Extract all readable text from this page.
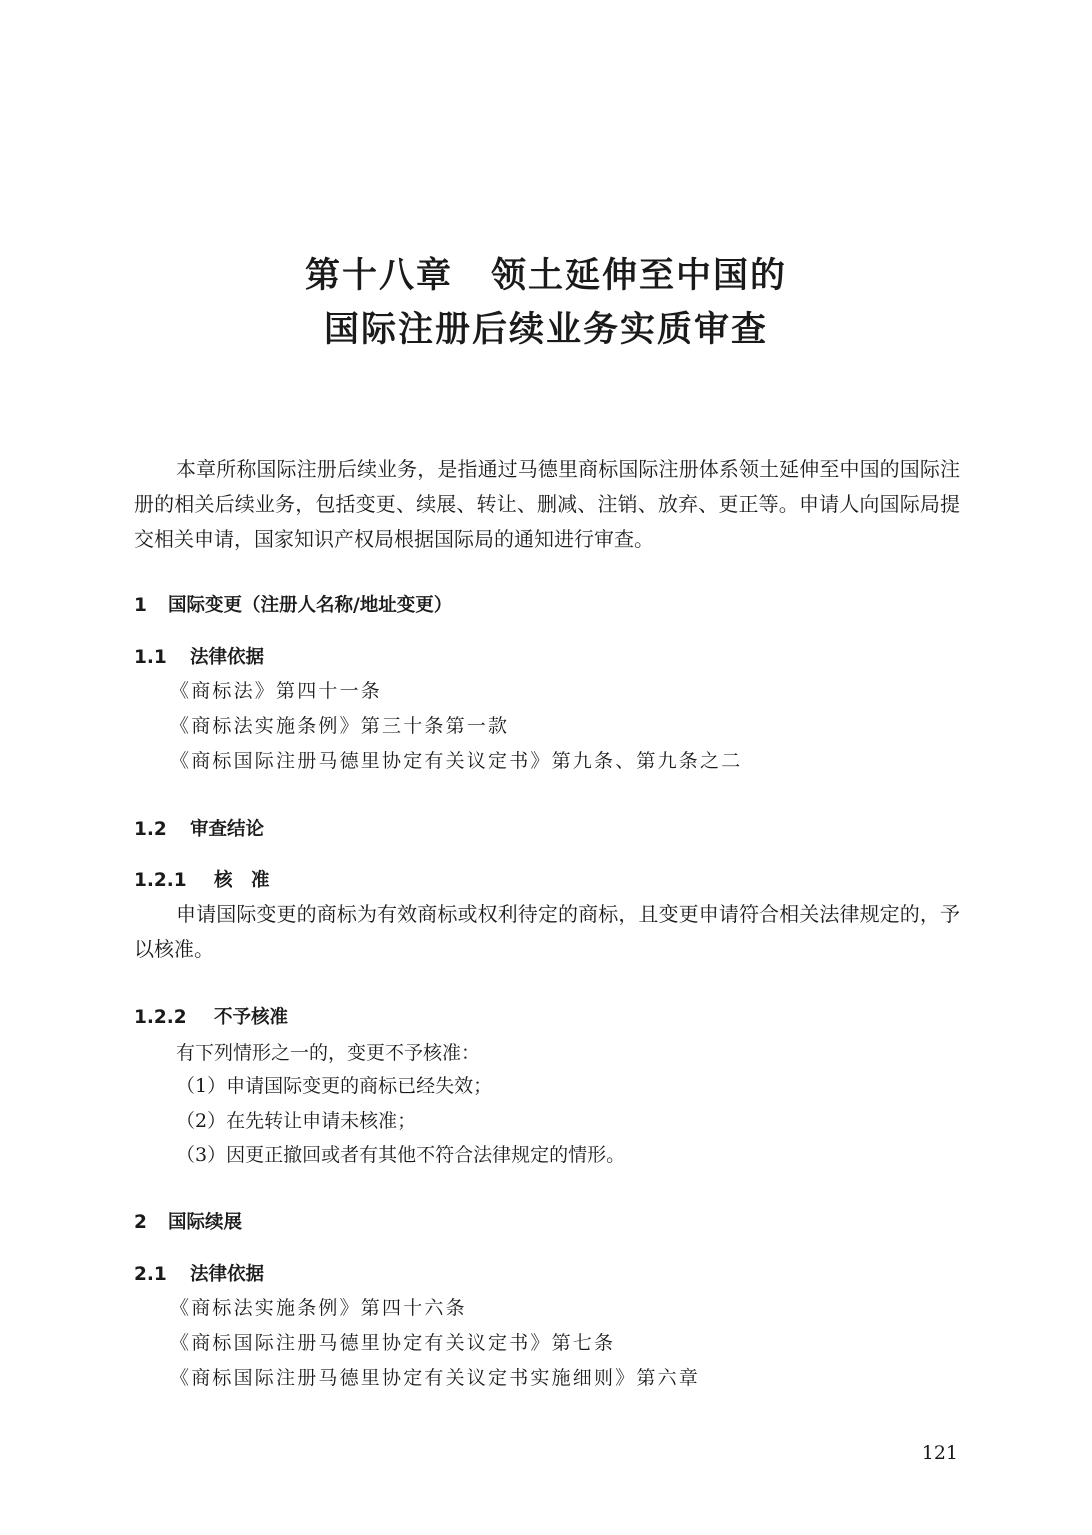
第十八章 领土延伸至中国的
国际注册后续业务实质审查

本章所称国际注册后续业务，是指通过马德里商标国际注册体系领土延伸至中国的国际注册的相关后续业务，包括变更、续展、转让、删减、注销、放弃、更正等。申请人向国际局提交相关申请，国家知识产权局根据国际局的通知进行审查。

1 国际变更（注册人名称/地址变更）
1.1 法律依据
《商标法》第四十一条
《商标法实施条例》第三十条第一款
《商标国际注册马德里协定有关议定书》第九条、第九条之二
1.2 审查结论
1.2.1 核　准

申请国际变更的商标为有效商标或权利待定的商标，且变更申请符合相关法律规定的，予以核准。

1.2.2 不予核准
有下列情形之一的，变更不予核准：
（1）申请国际变更的商标已经失效；
（2）在先转让申请未核准；
（3）因更正撤回或者有其他不符合法律规定的情形。
2 国际续展
2.1 法律依据
《商标法实施条例》第四十六条
《商标国际注册马德里协定有关议定书》第七条
《商标国际注册马德里协定有关议定书实施细则》第六章
121
